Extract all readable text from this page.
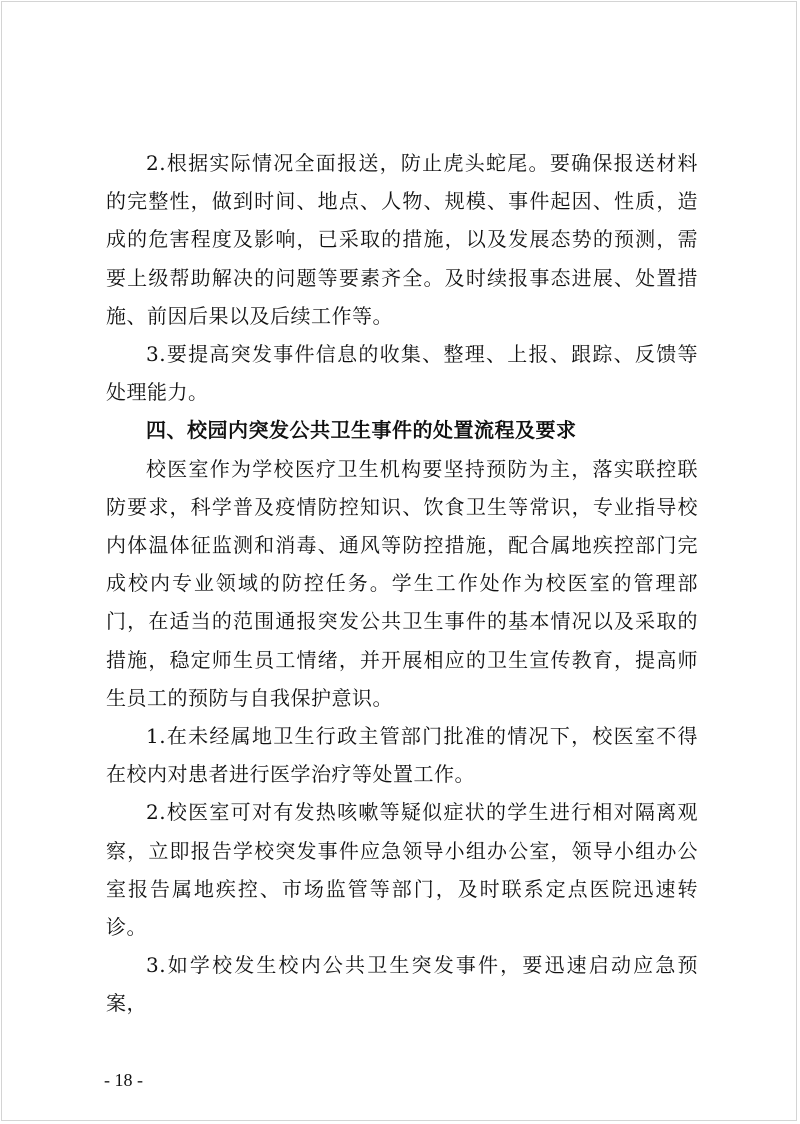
2.根据实际情况全面报送，防止虎头蛇尾。要确保报送材料的完整性，做到时间、地点、人物、规模、事件起因、性质，造成的危害程度及影响，已采取的措施，以及发展态势的预测，需要上级帮助解决的问题等要素齐全。及时续报事态进展、处置措施、前因后果以及后续工作等。

3.要提高突发事件信息的收集、整理、上报、跟踪、反馈等处理能力。

四、校园内突发公共卫生事件的处置流程及要求

校医室作为学校医疗卫生机构要坚持预防为主，落实联控联防要求，科学普及疫情防控知识、饮食卫生等常识，专业指导校内体温体征监测和消毒、通风等防控措施，配合属地疾控部门完成校内专业领域的防控任务。学生工作处作为校医室的管理部门，在适当的范围通报突发公共卫生事件的基本情况以及采取的措施，稳定师生员工情绪，并开展相应的卫生宣传教育，提高师生员工的预防与自我保护意识。

1.在未经属地卫生行政主管部门批准的情况下，校医室不得在校内对患者进行医学治疗等处置工作。

2.校医室可对有发热咳嗽等疑似症状的学生进行相对隔离观察，立即报告学校突发事件应急领导小组办公室，领导小组办公室报告属地疾控、市场监管等部门，及时联系定点医院迅速转诊。

3.如学校发生校内公共卫生突发事件，要迅速启动应急预案，

- 18 -
